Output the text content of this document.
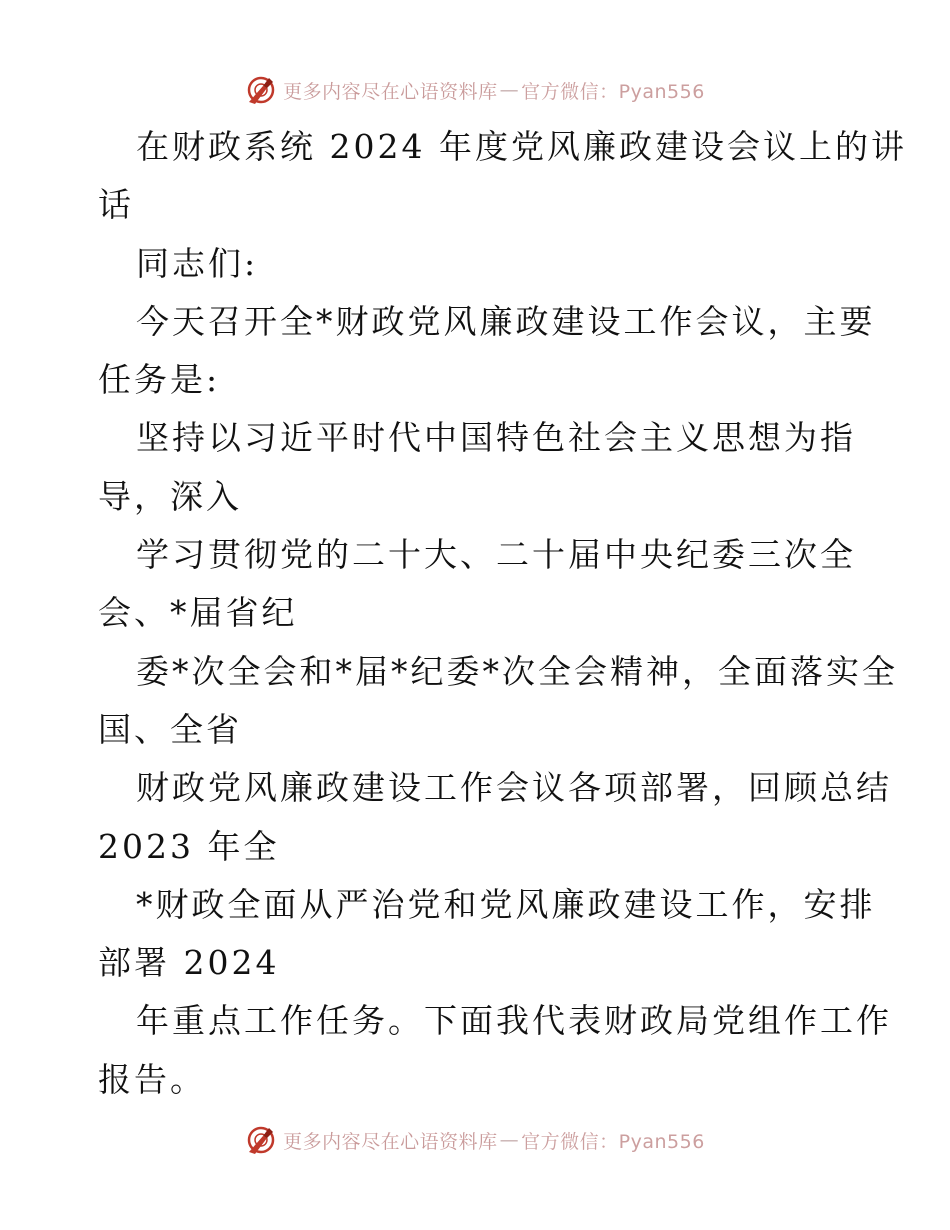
更多内容尽在心语资料库 — 官方微信：Pyan556
在财政系统 2024 年度党风廉政建设会议上的讲
话
同志们:
今天召开全*财政党风廉政建设工作会议，主要
任务是:
坚持以习近平时代中国特色社会主义思想为指
导，深入
学习贯彻党的二十大、二十届中央纪委三次全
会、*届省纪
委*次全会和*届*纪委*次全会精神，全面落实全
国、全省
财政党风廉政建设工作会议各项部署，回顾总结
2023 年全
*财政全面从严治党和党风廉政建设工作，安排
部署 2024
年重点工作任务。下面我代表财政局党组作工作
报告。
更多内容尽在心语资料库 — 官方微信：Pyan556
